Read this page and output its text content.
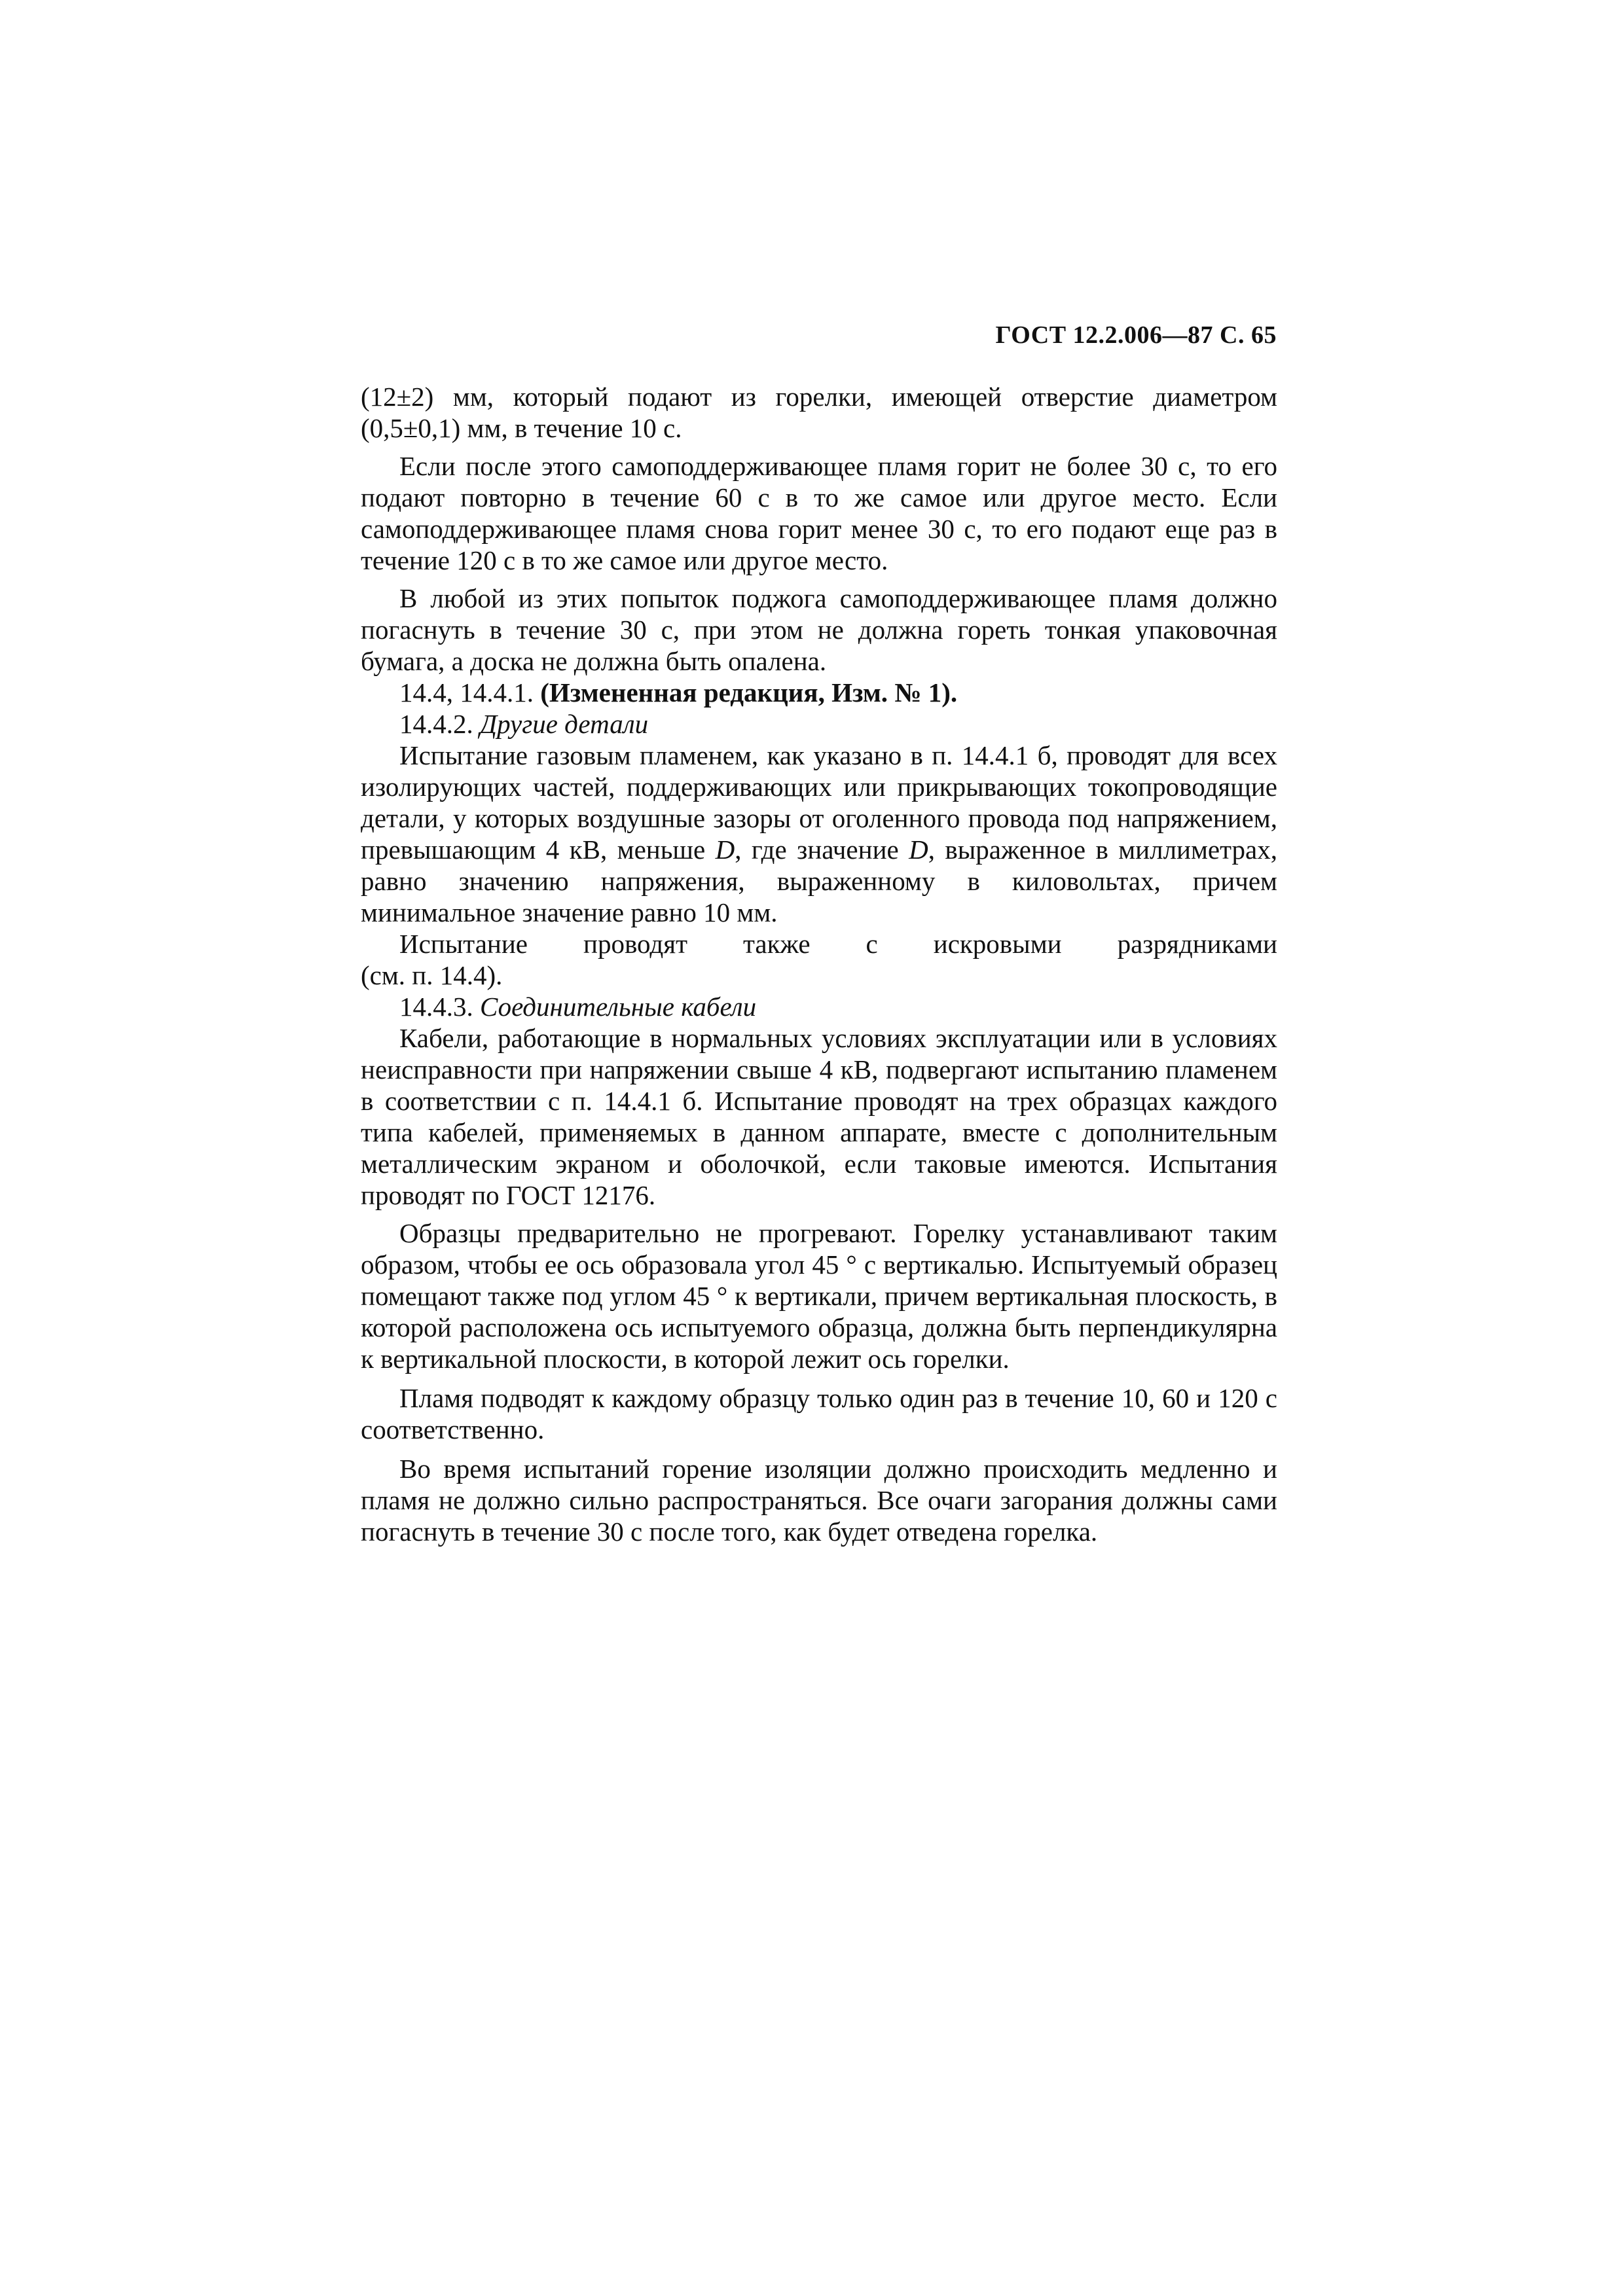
ГОСТ 12.2.006—87 С. 65

(12±2) мм, который подают из горелки, имеющей отверстие диаметром (0,5±0,1) мм, в течение 10 с.

Если после этого самоподдерживающее пламя горит не более 30 с, то его подают повторно в течение 60 с в то же самое или другое место. Если самоподдерживающее пламя снова горит менее 30 с, то его подают еще раз в течение 120 с в то же самое или другое место.

В любой из этих попыток поджога самоподдерживающее пламя должно погаснуть в течение 30 с, при этом не должна гореть тонкая упаковочная бумага, а доска не должна быть опалена.

14.4, 14.4.1. (Измененная редакция, Изм. № 1).

14.4.2. Другие детали

Испытание газовым пламенем, как указано в п. 14.4.1 б, проводят для всех изолирующих частей, поддерживающих или прикрывающих токопроводящие детали, у которых воздушные зазоры от оголенного провода под напряжением, превышающим 4 кВ, меньше D, где значение D, выраженное в миллиметрах, равно значению напряжения, выраженному в киловольтах, причем минимальное значение равно 10 мм.

Испытание проводят также с искровыми разрядниками

(см. п. 14.4).

14.4.3. Соединительные кабели

Кабели, работающие в нормальных условиях эксплуатации или в условиях неисправности при напряжении свыше 4 кВ, подвергают испытанию пламенем в соответствии с п. 14.4.1 б. Испытание проводят на трех образцах каждого типа кабелей, применяемых в данном аппарате, вместе с дополнительным металлическим экраном и оболочкой, если таковые имеются. Испытания проводят по ГОСТ 12176.

Образцы предварительно не прогревают. Горелку устанавливают таким образом, чтобы ее ось образовала угол 45 ° с вертикалью. Испытуемый образец помещают также под углом 45 ° к вертикали, причем вертикальная плоскость, в которой расположена ось испытуемого образца, должна быть перпендикулярна к вертикальной плоскости, в которой лежит ось горелки.

Пламя подводят к каждому образцу только один раз в течение 10, 60 и 120 с соответственно.

Во время испытаний горение изоляции должно происходить медленно и пламя не должно сильно распространяться. Все очаги загорания должны сами погаснуть в течение 30 с после того, как будет отведена горелка.
